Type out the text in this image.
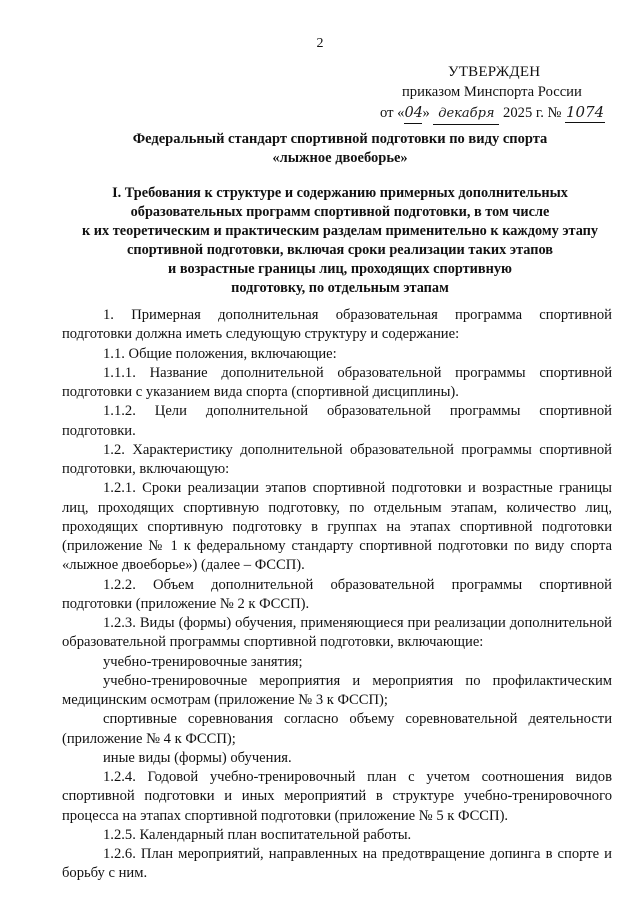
2
УТВЕРЖДЕН
приказом Минспорта России
от «04» декабря 2025 г. № 1074
Федеральный стандарт спортивной подготовки по виду спорта
«лыжное двоеборье»
I. Требования к структуре и содержанию примерных дополнительных
образовательных программ спортивной подготовки, в том числе
к их теоретическим и практическим разделам применительно к каждому этапу
спортивной подготовки, включая сроки реализации таких этапов
и возрастные границы лиц, проходящих спортивную
подготовку, по отдельным этапам

1. Примерная дополнительная образовательная программа спортивной подготовки должна иметь следующую структуру и содержание:

1.1. Общие положения, включающие:

1.1.1. Название дополнительной образовательной программы спортивной подготовки с указанием вида спорта (спортивной дисциплины).

1.1.2. Цели дополнительной образовательной программы спортивной подготовки.

1.2. Характеристику дополнительной образовательной программы спортивной подготовки, включающую:

1.2.1. Сроки реализации этапов спортивной подготовки и возрастные границы лиц, проходящих спортивную подготовку, по отдельным этапам, количество лиц, проходящих спортивную подготовку в группах на этапах спортивной подготовки (приложение № 1 к федеральному стандарту спортивной подготовки по виду спорта «лыжное двоеборье») (далее – ФССП).

1.2.2. Объем дополнительной образовательной программы спортивной подготовки (приложение № 2 к ФССП).

1.2.3. Виды (формы) обучения, применяющиеся при реализации дополнительной образовательной программы спортивной подготовки, включающие:

учебно-тренировочные занятия;

учебно-тренировочные мероприятия и мероприятия по профилактическим медицинским осмотрам (приложение № 3 к ФССП);

спортивные соревнования согласно объему соревновательной деятельности (приложение № 4 к ФССП);

иные виды (формы) обучения.

1.2.4. Годовой учебно-тренировочный план с учетом соотношения видов спортивной подготовки и иных мероприятий в структуре учебно-тренировочного процесса на этапах спортивной подготовки (приложение № 5 к ФССП).

1.2.5. Календарный план воспитательной работы.

1.2.6. План мероприятий, направленных на предотвращение допинга в спорте и борьбу с ним.
